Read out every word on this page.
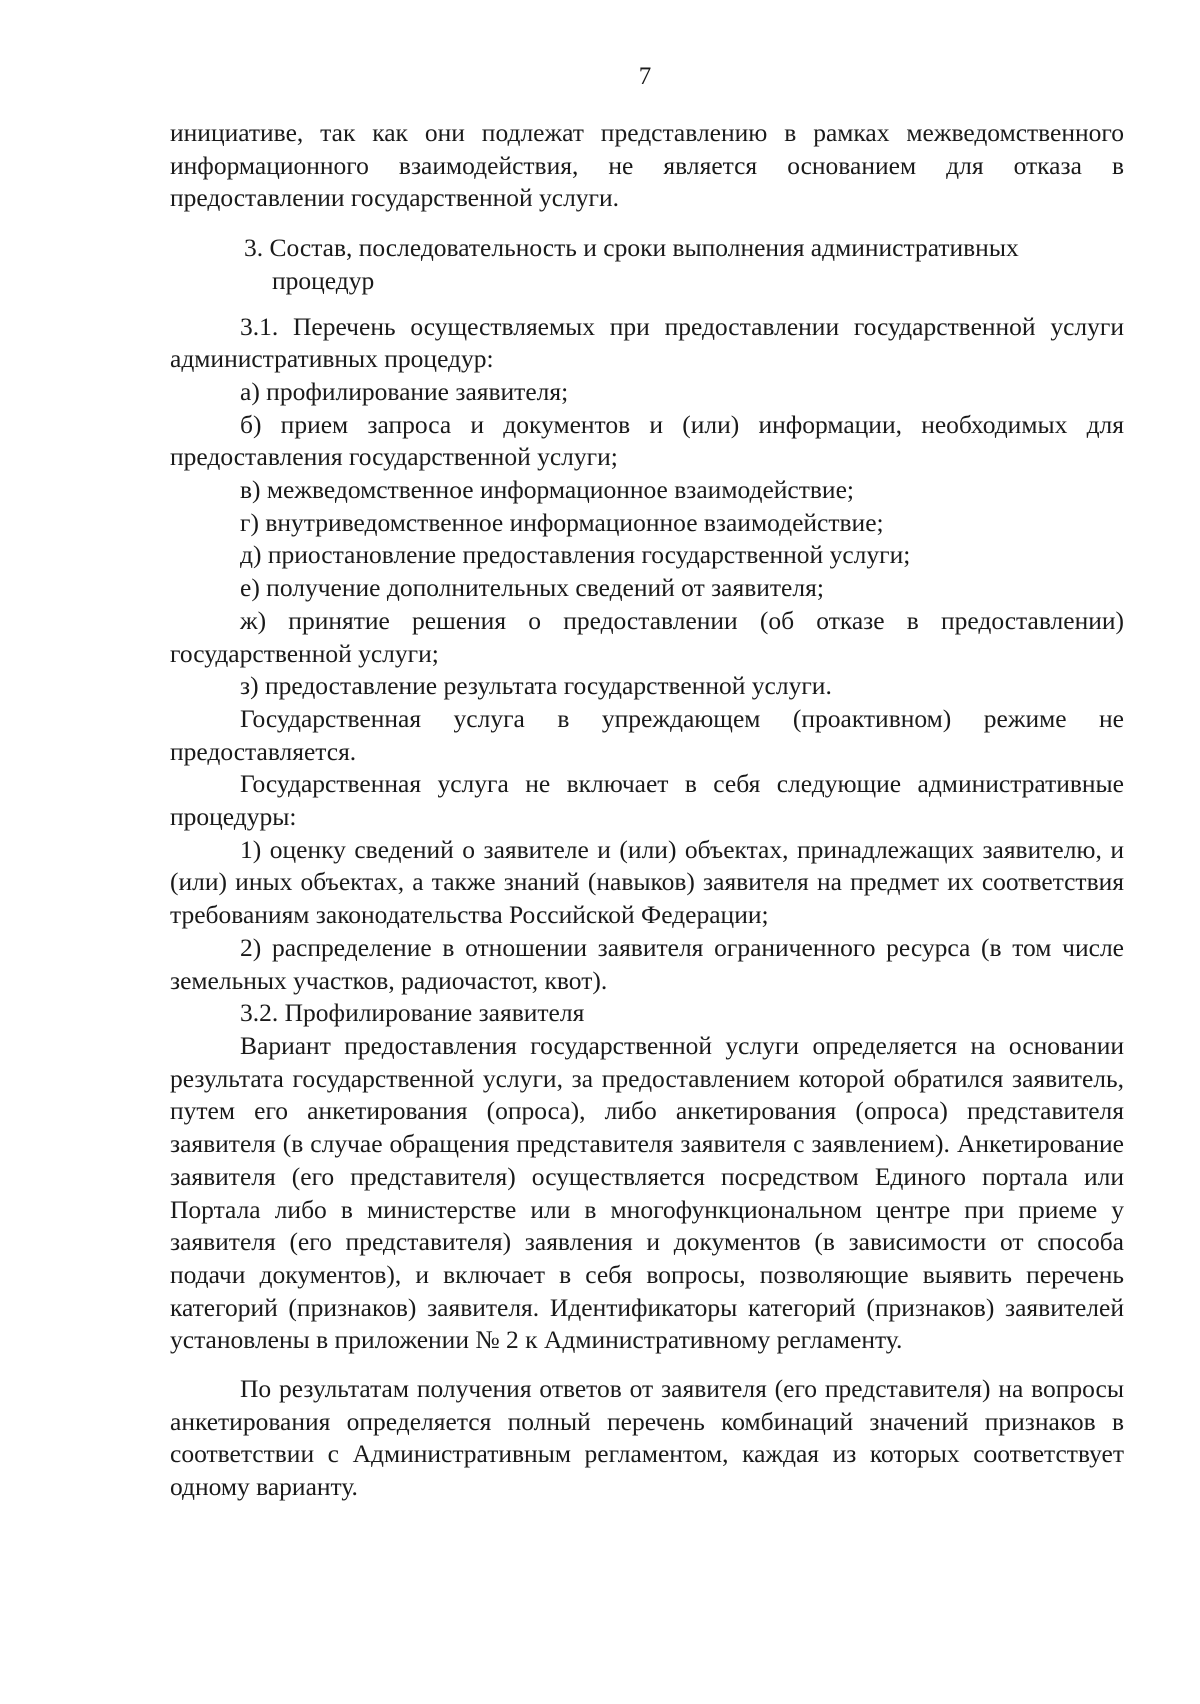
7

инициативе, так как они подлежат представлению в рамках межведомственного информационного взаимодействия, не является основанием для отказа в предоставлении государственной услуги.

3. Состав, последовательность и сроки выполнения административных процедур

3.1. Перечень осуществляемых при предоставлении государственной услуги административных процедур:

а) профилирование заявителя;

б) прием запроса и документов и (или) информации, необходимых для предоставления государственной услуги;

в) межведомственное информационное взаимодействие;

г) внутриведомственное информационное взаимодействие;

д) приостановление предоставления государственной услуги;

е) получение дополнительных сведений от заявителя;

ж) принятие решения о предоставлении (об отказе в предоставлении) государственной услуги;

з) предоставление результата государственной услуги.

Государственная услуга в упреждающем (проактивном) режиме не предоставляется.

Государственная услуга не включает в себя следующие административные процедуры:

1) оценку сведений о заявителе и (или) объектах, принадлежащих заявителю, и (или) иных объектах, а также знаний (навыков) заявителя на предмет их соответствия требованиям законодательства Российской Федерации;

2) распределение в отношении заявителя ограниченного ресурса (в том числе земельных участков, радиочастот, квот).

3.2. Профилирование заявителя

Вариант предоставления государственной услуги определяется на основании результата государственной услуги, за предоставлением которой обратился заявитель, путем его анкетирования (опроса), либо анкетирования (опроса) представителя заявителя (в случае обращения представителя заявителя с заявлением). Анкетирование заявителя (его представителя) осуществляется посредством Единого портала или Портала либо в министерстве или в многофункциональном центре при приеме у заявителя (его представителя) заявления и документов (в зависимости от способа подачи документов), и включает в себя вопросы, позволяющие выявить перечень категорий (признаков) заявителя. Идентификаторы категорий (признаков) заявителей установлены в приложении № 2 к Административному регламенту.

По результатам получения ответов от заявителя (его представителя) на вопросы анкетирования определяется полный перечень комбинаций значений признаков в соответствии с Административным регламентом, каждая из которых соответствует одному варианту.
